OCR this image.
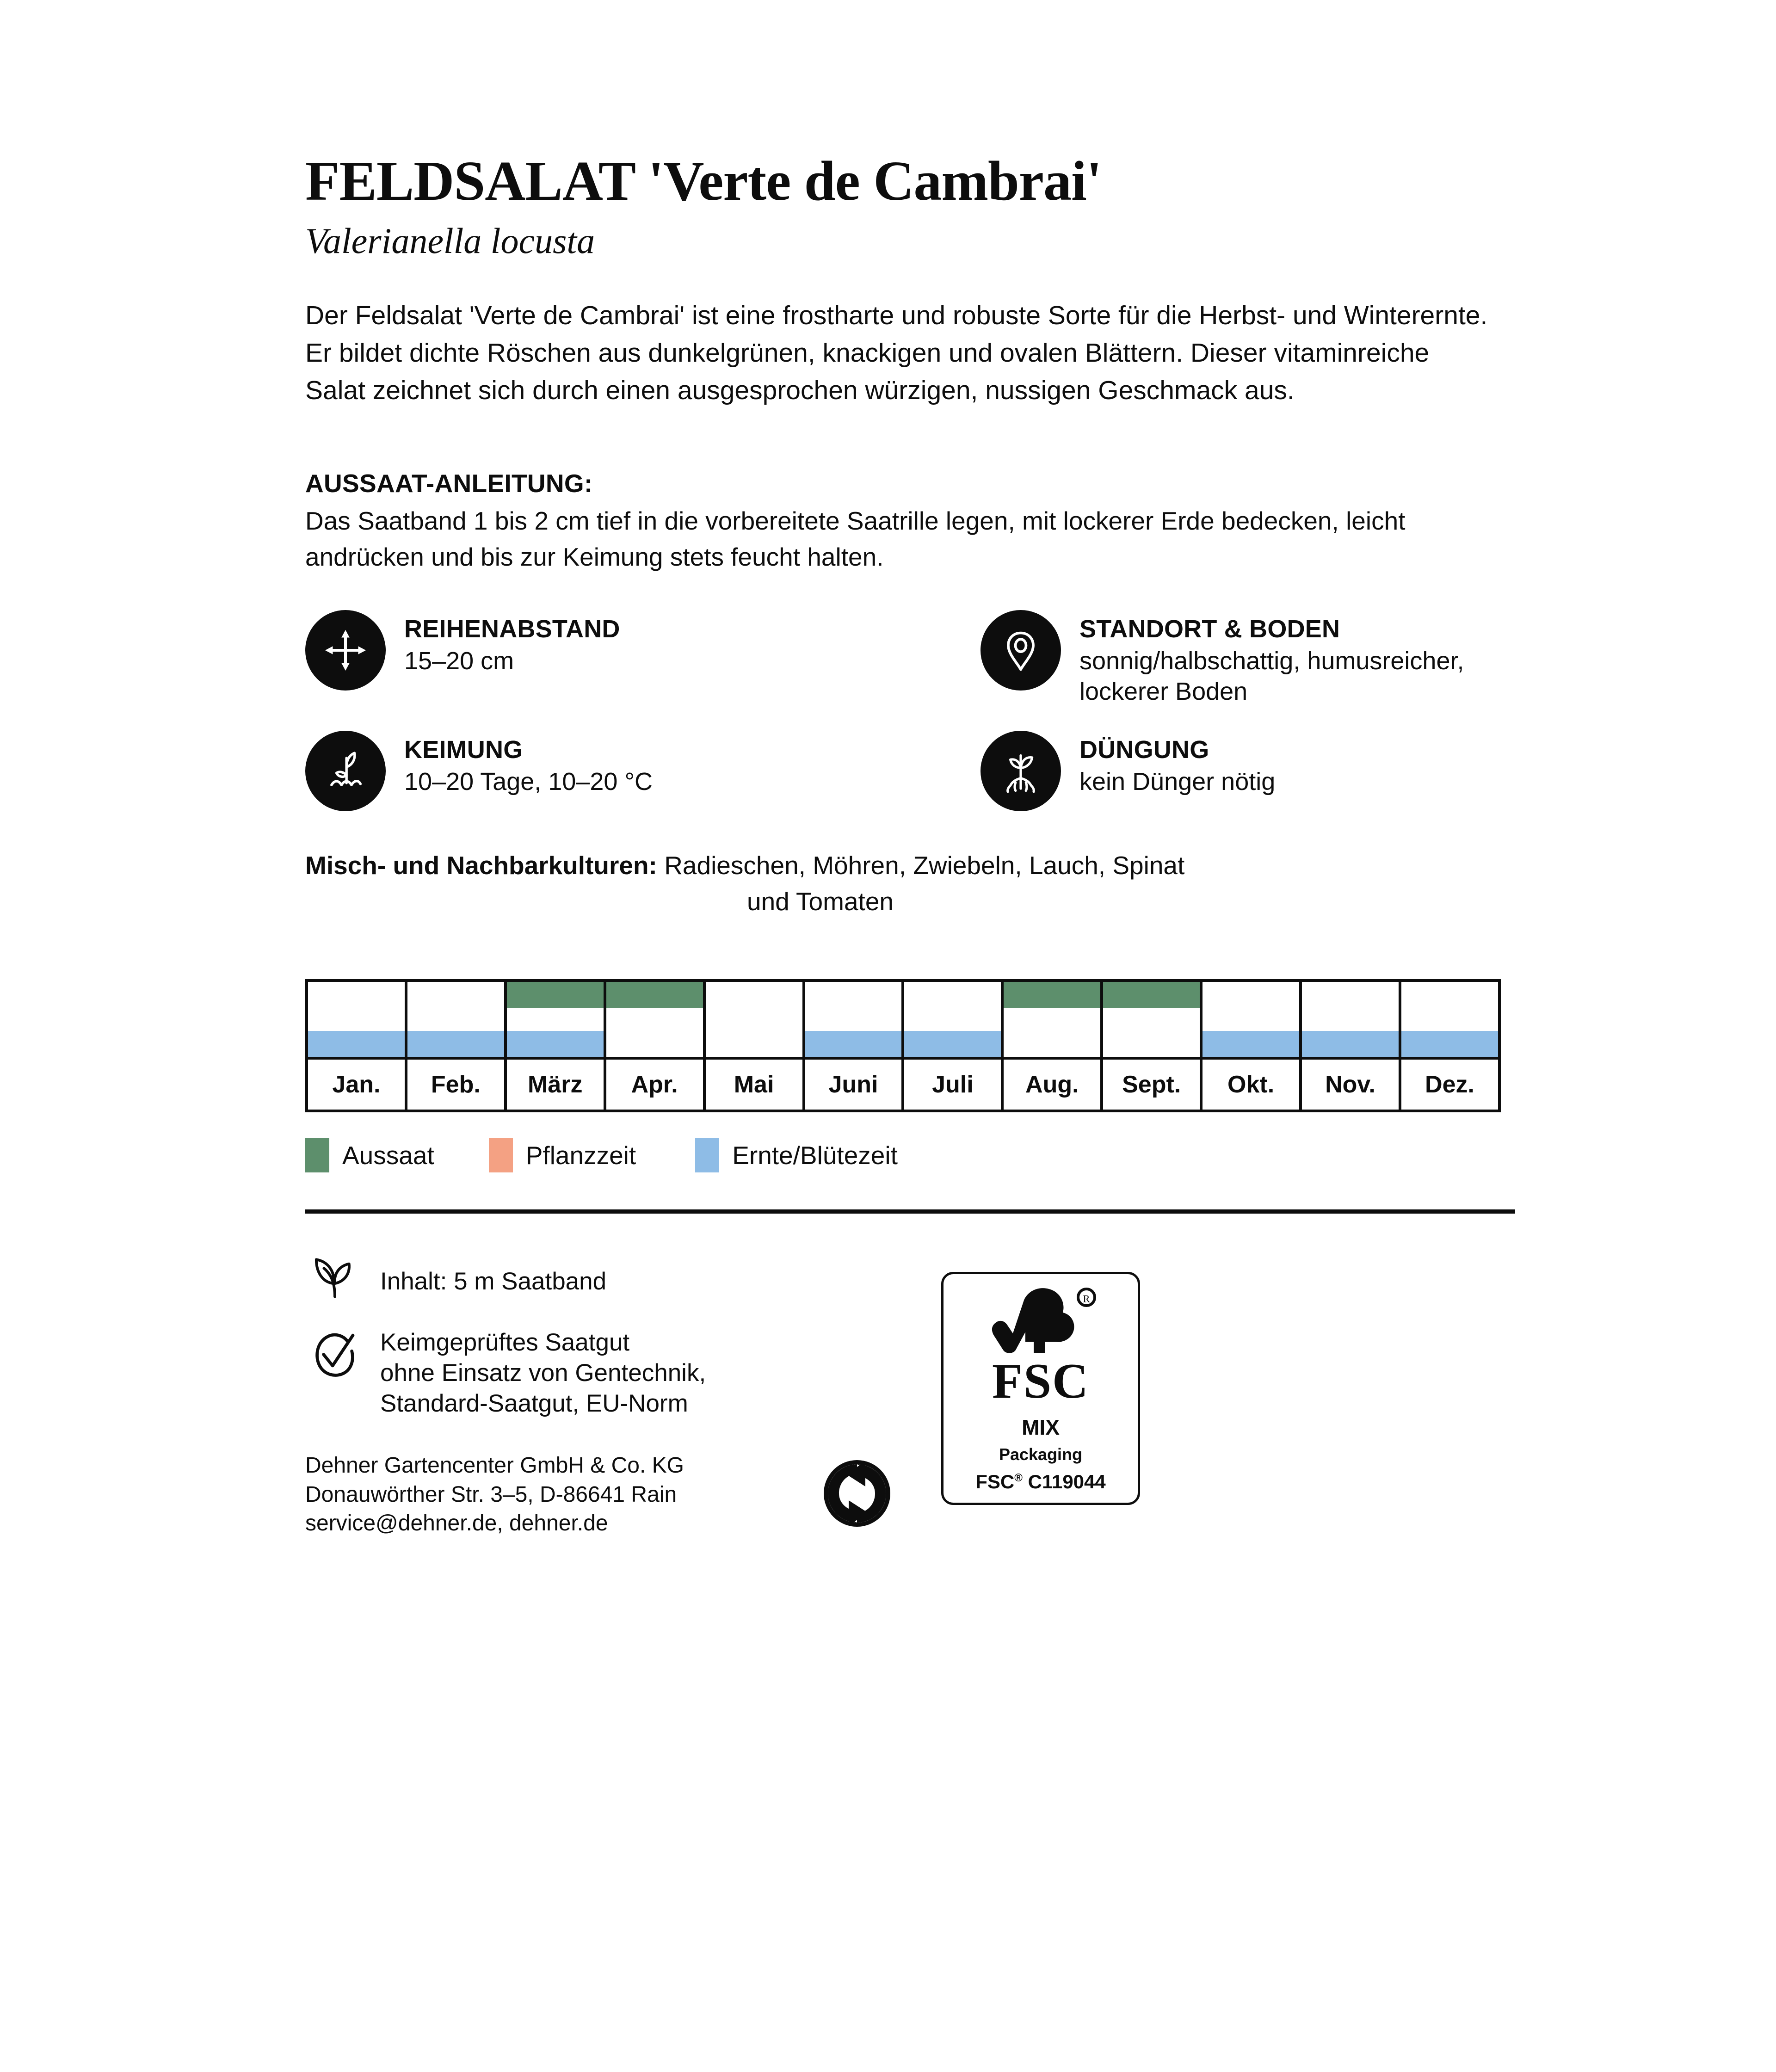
FELDSALAT 'Verte de Cambrai'
Valerianella locusta

Der Feldsalat 'Verte de Cambrai' ist eine frostharte und robuste Sorte für die Herbst- und Winterernte. Er bildet dichte Röschen aus dunkelgrünen, knackigen und ovalen Blättern. Dieser vitaminreiche Salat zeichnet sich durch einen ausgesprochen würzigen, nussigen Geschmack aus.

AUSSAAT-ANLEITUNG:

Das Saatband 1 bis 2 cm tief in die vorbereitete Saatrille legen, mit lockerer Erde bedecken, leicht andrücken und bis zur Keimung stets feucht halten.

REIHENABSTAND
15–20 cm
STANDORT & BODEN
sonnig/halbschattig, humusreicher, lockerer Boden
KEIMUNG
10–20 Tage, 10–20 °C
DÜNGUNG
kein Dünger nötig
Misch- und Nachbarkulturen: Radieschen, Möhren, Zwiebeln, Lauch, Spinat
und Tomaten

Jan.	Feb.	März	Apr.	Mai	Juni	Juli	Aug.	Sept.	Okt.	Nov.	Dez.
Aussaat	Pflanzzeit	Ernte/Blütezeit
Inhalt: 5 m Saatband
Keimgeprüftes Saatgut
ohne Einsatz von Gentechnik,
Standard-Saatgut, EU-Norm
Dehner Gartencenter GmbH & Co. KG
Donauwörther Str. 3–5, D-86641 Rain
service@dehner.de, dehner.de
R
FSC
MIX
Packaging
FSC® C119044
